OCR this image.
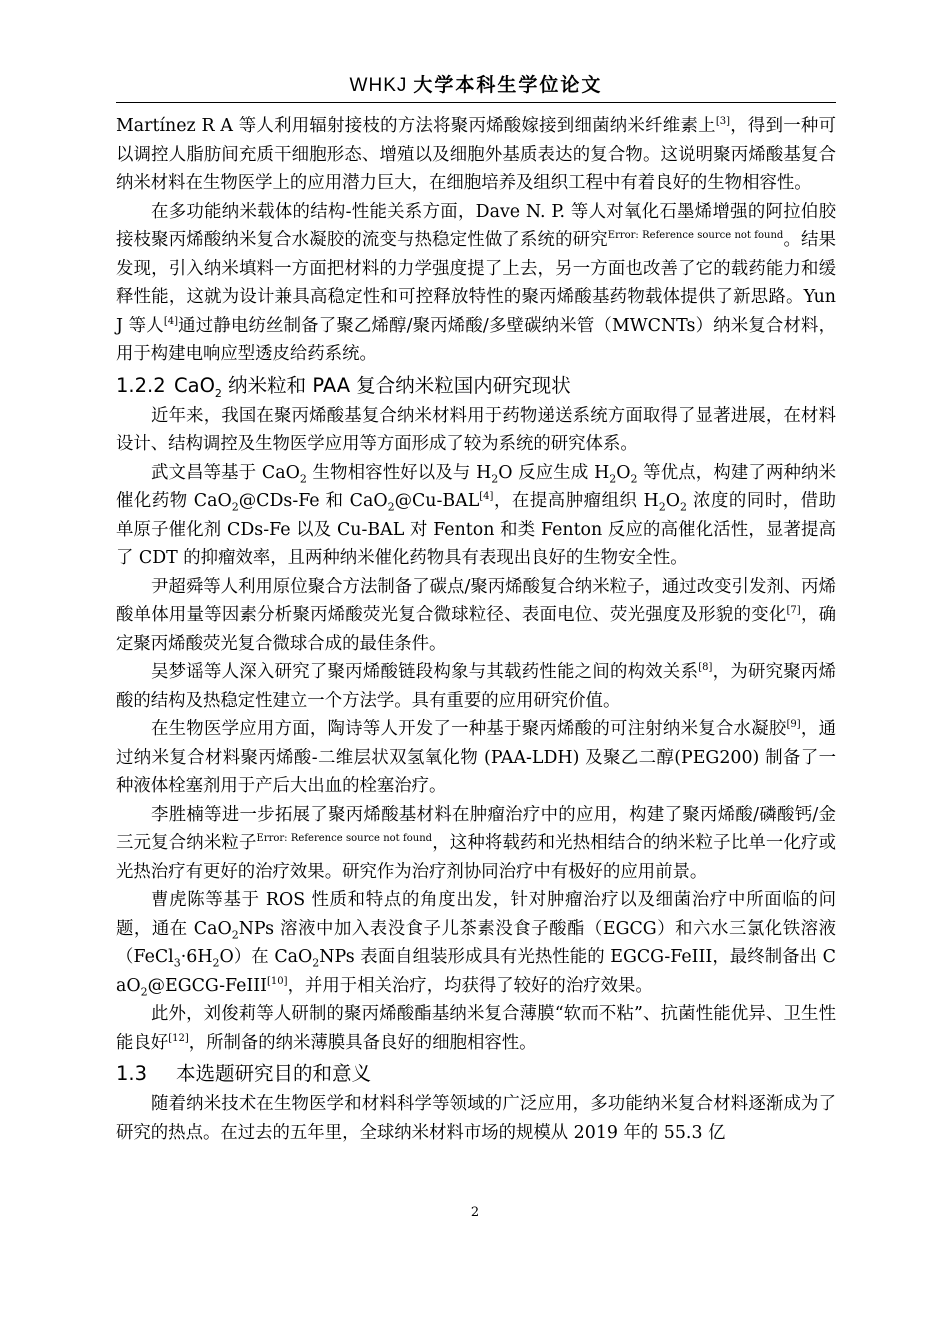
WHKJ 大学本科生学位论文

Martínez R A 等人利用辐射接枝的方法将聚丙烯酸嫁接到细菌纳米纤维素上[3]，得到一种可以调控人脂肪间充质干细胞形态、增殖以及细胞外基质表达的复合物。这说明聚丙烯酸基复合纳米材料在生物医学上的应用潜力巨大，在细胞培养及组织工程中有着良好的生物相容性。

在多功能纳米载体的结构-性能关系方面，Dave N. P. 等人对氧化石墨烯增强的阿拉伯胶接枝聚丙烯酸纳米复合水凝胶的流变与热稳定性做了系统的研究$^{Error: Reference source not found}$。结果发现，引入纳米填料一方面把材料的力学强度提了上去，另一方面也改善了它的载药能力和缓释性能，这就为设计兼具高稳定性和可控释放特性的聚丙烯酸基药物载体提供了新思路。Yun J 等人[4]通过静电纺丝制备了聚乙烯醇/聚丙烯酸/多壁碳纳米管（MWCNTs）纳米复合材料，用于构建电响应型透皮给药系统。

1.2.2 CaO$_2$ 纳米粒和 PAA 复合纳米粒国内研究现状

近年来，我国在聚丙烯酸基复合纳米材料用于药物递送系统方面取得了显著进展，在材料设计、结构调控及生物医学应用等方面形成了较为系统的研究体系。

武文昌等基于 CaO$_2$ 生物相容性好以及与 $H_2O$ 反应生成 $H_2O_2$ 等优点，构建了两种纳米催化药物 CaO$_2$@CDs-Fe 和 CaO$_2$@Cu-BAL[4]，在提高肿瘤组织 $H_2O_2$ 浓度的同时，借助单原子催化剂 CDs-Fe 以及 Cu-BAL 对 Fenton 和类 Fenton 反应的高催化活性，显著提高了 CDT 的抑瘤效率，且两种纳米催化药物具有表现出良好的生物安全性。

尹超舜等人利用原位聚合方法制备了碳点/聚丙烯酸复合纳米粒子，通过改变引发剂、丙烯酸单体用量等因素分析聚丙烯酸荧光复合微球粒径、表面电位、荧光强度及形貌的变化[7]，确定聚丙烯酸荧光复合微球合成的最佳条件。

吴梦谣等人深入研究了聚丙烯酸链段构象与其载药性能之间的构效关系[8]，为研究聚丙烯酸的结构及热稳定性建立一个方法学。具有重要的应用研究价值。

在生物医学应用方面，陶诗等人开发了一种基于聚丙烯酸的可注射纳米复合水凝胶[9]，通过纳米复合材料聚丙烯酸-二维层状双氢氧化物 (PAA-LDH) 及聚乙二醇(PEG200) 制备了一种液体栓塞剂用于产后大出血的栓塞治疗。

李胜楠等进一步拓展了聚丙烯酸基材料在肿瘤治疗中的应用，构建了聚丙烯酸/磷酸钙/金三元复合纳米粒子$^{Error: Reference source not found}$，这种将载药和光热相结合的纳米粒子比单一化疗或光热治疗有更好的治疗效果。研究作为治疗剂协同治疗中有极好的应用前景。

曹虎陈等基于 ROS 性质和特点的角度出发，针对肿瘤治疗以及细菌治疗中所面临的问题，通在 CaO$_2$NPs 溶液中加入表没食子儿茶素没食子酸酯（EGCG）和六水三氯化铁溶液$(FeCl_3\cdot 6H_2O)$在 CaO$_2$NPs 表面自组装形成具有光热性能的 EGCG-FeIII，最终制备出 CaO$_2$@EGCG-FeIII[10]，并用于相关治疗，均获得了较好的治疗效果。

此外，刘俊莉等人研制的聚丙烯酸酯基纳米复合薄膜“软而不粘”、抗菌性能优异、卫生性能良好[12]，所制备的纳米薄膜具备良好的细胞相容性。

1.3 本选题研究目的和意义

随着纳米技术在生物医学和材料科学等领域的广泛应用，多功能纳米复合材料逐渐成为了研究的热点。在过去的五年里，全球纳米材料市场的规模从 2019 年的 55.3 亿

2
